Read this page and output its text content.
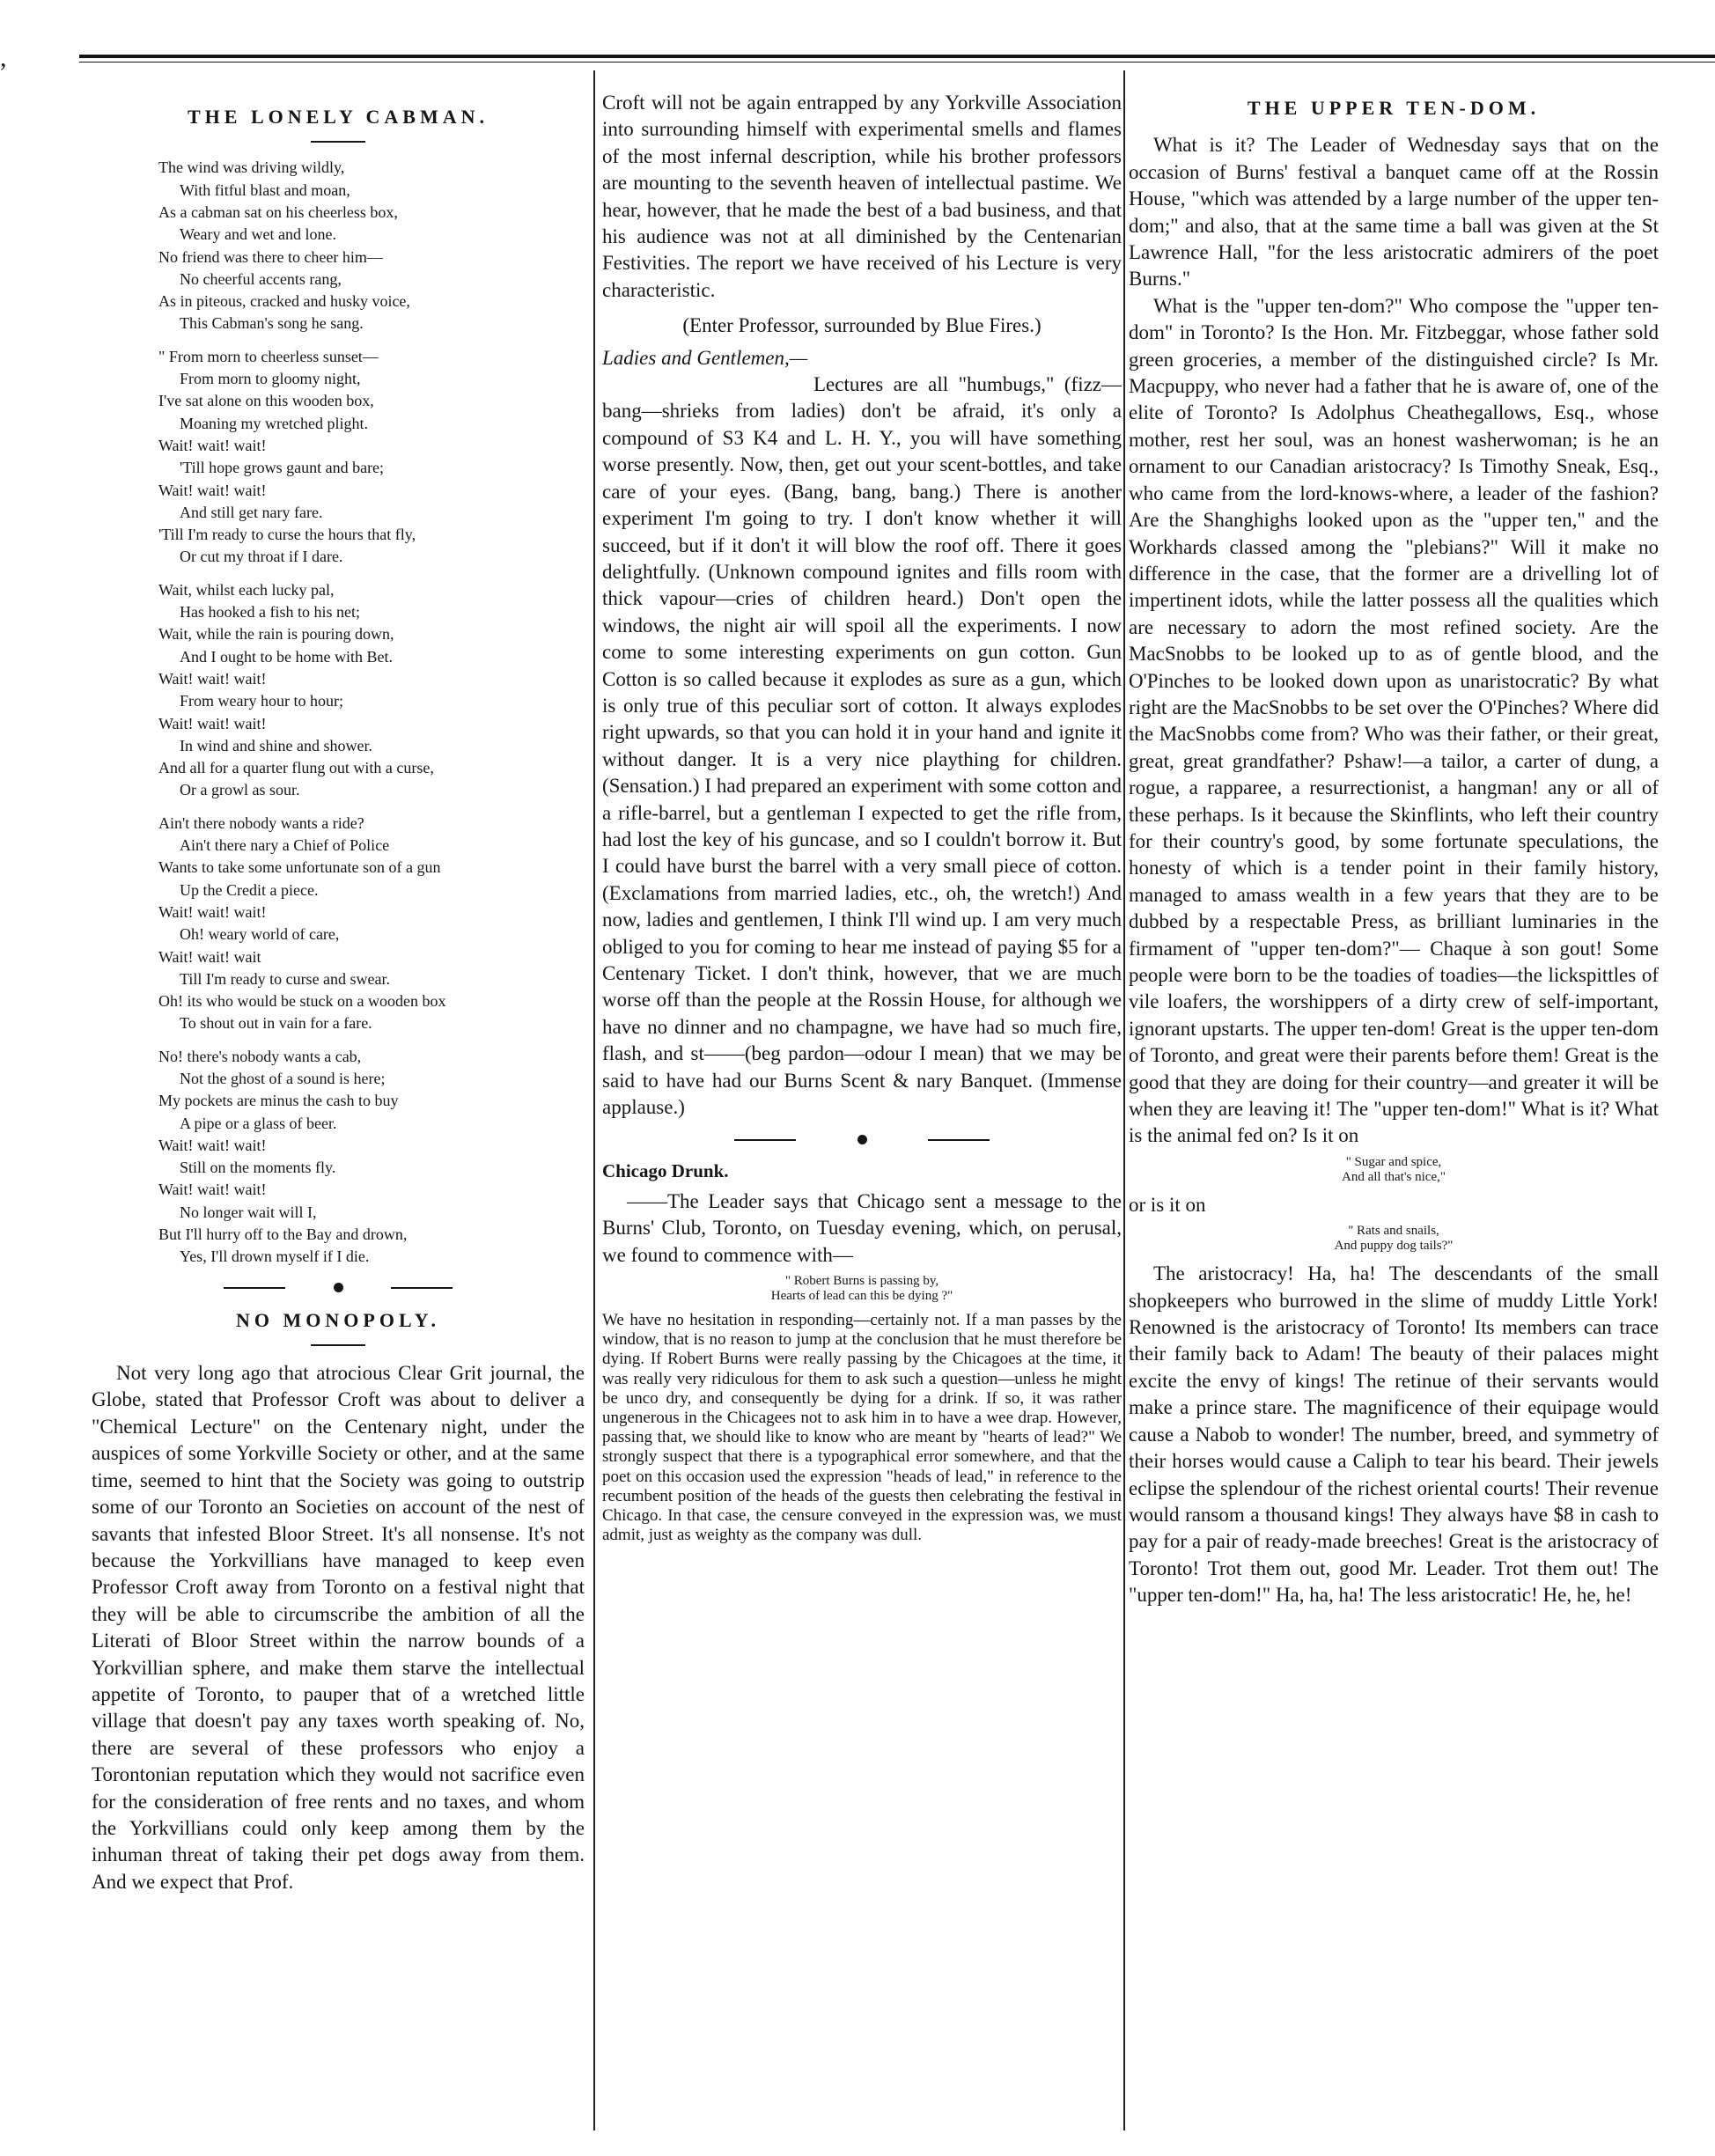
,
THE LONELY CABMAN.
The wind was driving wildly,
With fitful blast and moan,
As a cabman sat on his cheerless box,
Weary and wet and lone.
No friend was there to cheer him—
No cheerful accents rang,
As in piteous, cracked and husky voice,
This Cabman's song he sang.
" From morn to cheerless sunset—
From morn to gloomy night,
I've sat alone on this wooden box,
Moaning my wretched plight.
Wait! wait! wait!
'Till hope grows gaunt and bare;
Wait! wait! wait!
And still get nary fare.
'Till I'm ready to curse the hours that fly,
Or cut my throat if I dare.
Wait, whilst each lucky pal,
Has hooked a fish to his net;
Wait, while the rain is pouring down,
And I ought to be home with Bet.
Wait! wait! wait!
From weary hour to hour;
Wait! wait! wait!
In wind and shine and shower.
And all for a quarter flung out with a curse,
Or a growl as sour.
Ain't there nobody wants a ride?
Ain't there nary a Chief of Police
Wants to take some unfortunate son of a gun
Up the Credit a piece.
Wait! wait! wait!
Oh! weary world of care,
Wait! wait! wait
Till I'm ready to curse and swear.
Oh! its who would be stuck on a wooden box
To shout out in vain for a fare.
No! there's nobody wants a cab,
Not the ghost of a sound is here;
My pockets are minus the cash to buy
A pipe or a glass of beer.
Wait! wait! wait!
Still on the moments fly.
Wait! wait! wait!
No longer wait will I,
But I'll hurry off to the Bay and drown,
Yes, I'll drown myself if I die.
NO MONOPOLY.

Not very long ago that atrocious Clear Grit journal, the Globe, stated that Professor Croft was about to deliver a "Chemical Lecture" on the Centenary night, under the auspices of some Yorkville Society or other, and at the same time, seemed to hint that the Society was going to outstrip some of our Toronto an Societies on account of the nest of savants that infested Bloor Street. It's all nonsense. It's not because the Yorkvillians have managed to keep even Professor Croft away from Toronto on a festival night that they will be able to circumscribe the ambition of all the Literati of Bloor Street within the narrow bounds of a Yorkvillian sphere, and make them starve the intellectual appetite of Toronto, to pauper that of a wretched little village that doesn't pay any taxes worth speaking of. No, there are several of these professors who enjoy a Torontonian reputation which they would not sacrifice even for the consideration of free rents and no taxes, and whom the Yorkvillians could only keep among them by the inhuman threat of taking their pet dogs away from them. And we expect that Prof.

Croft will not be again entrapped by any Yorkville Association into surrounding himself with experimental smells and flames of the most infernal description, while his brother professors are mounting to the seventh heaven of intellectual pastime. We hear, however, that he made the best of a bad business, and that his audience was not at all diminished by the Centenarian Festivities. The report we have received of his Lecture is very characteristic.

(Enter Professor, surrounded by Blue Fires.)

Ladies and Gentlemen,—

Lectures are all "humbugs," (fizz—bang—shrieks from ladies) don't be afraid, it's only a compound of S3 K4 and L. H. Y., you will have something worse presently. Now, then, get out your scent-bottles, and take care of your eyes. (Bang, bang, bang.) There is another experiment I'm going to try. I don't know whether it will succeed, but if it don't it will blow the roof off. There it goes delightfully. (Unknown compound ignites and fills room with thick vapour—cries of children heard.) Don't open the windows, the night air will spoil all the experiments. I now come to some interesting experiments on gun cotton. Gun Cotton is so called because it explodes as sure as a gun, which is only true of this peculiar sort of cotton. It always explodes right upwards, so that you can hold it in your hand and ignite it without danger. It is a very nice plaything for children. (Sensation.) I had prepared an experiment with some cotton and a rifle-barrel, but a gentleman I expected to get the rifle from, had lost the key of his guncase, and so I couldn't borrow it. But I could have burst the barrel with a very small piece of cotton. (Exclamations from married ladies, etc., oh, the wretch!) And now, ladies and gentlemen, I think I'll wind up. I am very much obliged to you for coming to hear me instead of paying $5 for a Centenary Ticket. I don't think, however, that we are much worse off than the people at the Rossin House, for although we have no dinner and no champagne, we have had so much fire, flash, and st——(beg pardon—odour I mean) that we may be said to have had our Burns Scent & nary Banquet. (Immense applause.)

Chicago Drunk.

——The Leader says that Chicago sent a message to the Burns' Club, Toronto, on Tuesday evening, which, on perusal, we found to commence with—

" Robert Burns is passing by,
Hearts of lead can this be dying ?"

We have no hesitation in responding—certainly not. If a man passes by the window, that is no reason to jump at the conclusion that he must therefore be dying. If Robert Burns were really passing by the Chicagoes at the time, it was really very ridiculous for them to ask such a question—unless he might be unco dry, and consequently be dying for a drink. If so, it was rather ungenerous in the Chicagees not to ask him in to have a wee drap. However, passing that, we should like to know who are meant by "hearts of lead?" We strongly suspect that there is a typographical error somewhere, and that the poet on this occasion used the expression "heads of lead," in reference to the recumbent position of the heads of the guests then celebrating the festival in Chicago. In that case, the censure conveyed in the expression was, we must admit, just as weighty as the company was dull.

THE UPPER TEN-DOM.

What is it? The Leader of Wednesday says that on the occasion of Burns' festival a banquet came off at the Rossin House, "which was attended by a large number of the upper ten-dom;" and also, that at the same time a ball was given at the St Lawrence Hall, "for the less aristocratic admirers of the poet Burns."

What is the "upper ten-dom?" Who compose the "upper ten-dom" in Toronto? Is the Hon. Mr. Fitzbeggar, whose father sold green groceries, a member of the distinguished circle? Is Mr. Macpuppy, who never had a father that he is aware of, one of the elite of Toronto? Is Adolphus Cheathegallows, Esq., whose mother, rest her soul, was an honest washerwoman; is he an ornament to our Canadian aristocracy? Is Timothy Sneak, Esq., who came from the lord-knows-where, a leader of the fashion? Are the Shanghighs looked upon as the "upper ten," and the Workhards classed among the "plebians?" Will it make no difference in the case, that the former are a drivelling lot of impertinent idots, while the latter possess all the qualities which are necessary to adorn the most refined society. Are the MacSnobbs to be looked up to as of gentle blood, and the O'Pinches to be looked down upon as unaristocratic? By what right are the MacSnobbs to be set over the O'Pinches? Where did the MacSnobbs come from? Who was their father, or their great, great, great grandfather? Pshaw!—a tailor, a carter of dung, a rogue, a rapparee, a resurrectionist, a hangman! any or all of these perhaps. Is it because the Skinflints, who left their country for their country's good, by some fortunate speculations, the honesty of which is a tender point in their family history, managed to amass wealth in a few years that they are to be dubbed by a respectable Press, as brilliant luminaries in the firmament of "upper ten-dom?"— Chaque à son gout! Some people were born to be the toadies of toadies—the lickspittles of vile loafers, the worshippers of a dirty crew of self-important, ignorant upstarts. The upper ten-dom! Great is the upper ten-dom of Toronto, and great were their parents before them! Great is the good that they are doing for their country—and greater it will be when they are leaving it! The "upper ten-dom!" What is it? What is the animal fed on? Is it on

" Sugar and spice,
And all that's nice,"

or is it on

" Rats and snails,
And puppy dog tails?"

The aristocracy! Ha, ha! The descendants of the small shopkeepers who burrowed in the slime of muddy Little York! Renowned is the aristocracy of Toronto! Its members can trace their family back to Adam! The beauty of their palaces might excite the envy of kings! The retinue of their servants would make a prince stare. The magnificence of their equipage would cause a Nabob to wonder! The number, breed, and symmetry of their horses would cause a Caliph to tear his beard. Their jewels eclipse the splendour of the richest oriental courts! Their revenue would ransom a thousand kings! They always have $8 in cash to pay for a pair of ready-made breeches! Great is the aristocracy of Toronto! Trot them out, good Mr. Leader. Trot them out! The "upper ten-dom!" Ha, ha, ha! The less aristocratic! He, he, he!
